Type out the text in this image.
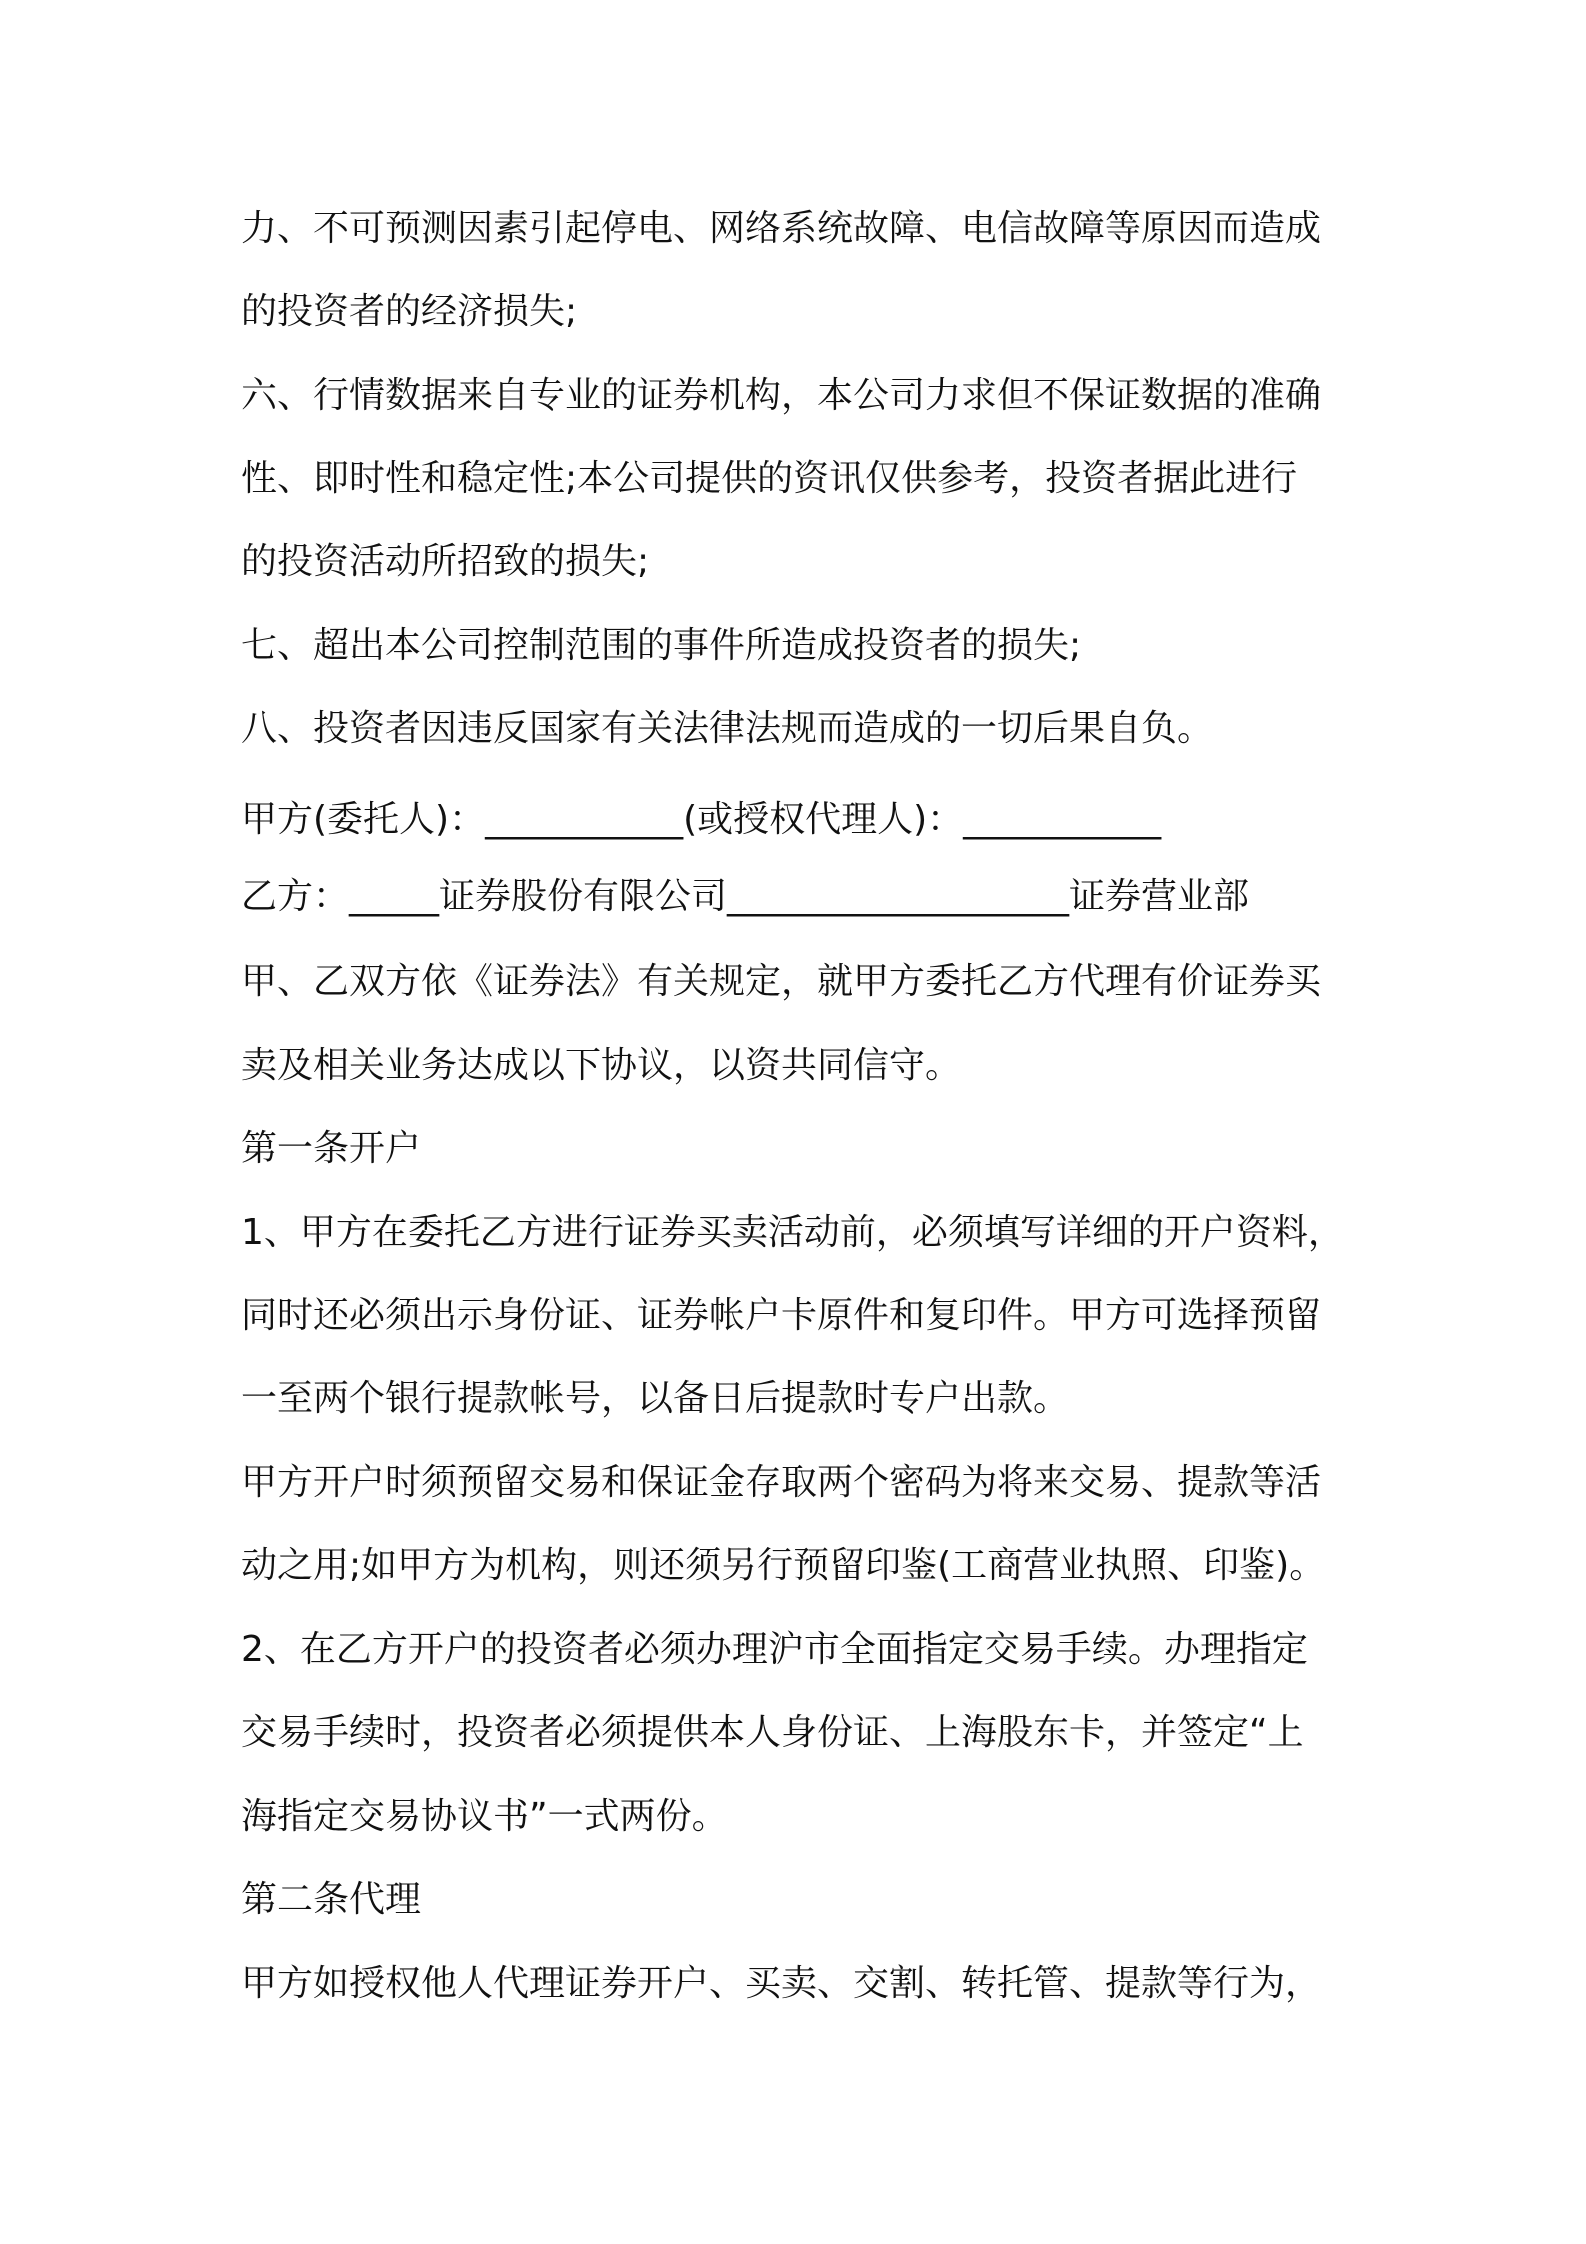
力、不可预测因素引起停电、网络系统故障、电信故障等原因而造成
的投资者的经济损失;
六、行情数据来自专业的证券机构，本公司力求但不保证数据的准确
性、即时性和稳定性;本公司提供的资讯仅供参考，投资者据此进行
的投资活动所招致的损失;
七、超出本公司控制范围的事件所造成投资者的损失;
八、投资者因违反国家有关法律法规而造成的一切后果自负。
甲方(委托人)：___________(或授权代理人)：___________
乙方：_____证券股份有限公司___________________证券营业部
甲、乙双方依《证券法》有关规定，就甲方委托乙方代理有价证券买
卖及相关业务达成以下协议，以资共同信守。
第一条开户
1、甲方在委托乙方进行证券买卖活动前，必须填写详细的开户资料，
同时还必须出示身份证、证券帐户卡原件和复印件。甲方可选择预留
一至两个银行提款帐号，以备日后提款时专户出款。
甲方开户时须预留交易和保证金存取两个密码为将来交易、提款等活
动之用;如甲方为机构，则还须另行预留印鉴(工商营业执照、印鉴)。
2、在乙方开户的投资者必须办理沪市全面指定交易手续。办理指定
交易手续时，投资者必须提供本人身份证、上海股东卡，并签定“上
海指定交易协议书”一式两份。
第二条代理
甲方如授权他人代理证券开户、买卖、交割、转托管、提款等行为，
